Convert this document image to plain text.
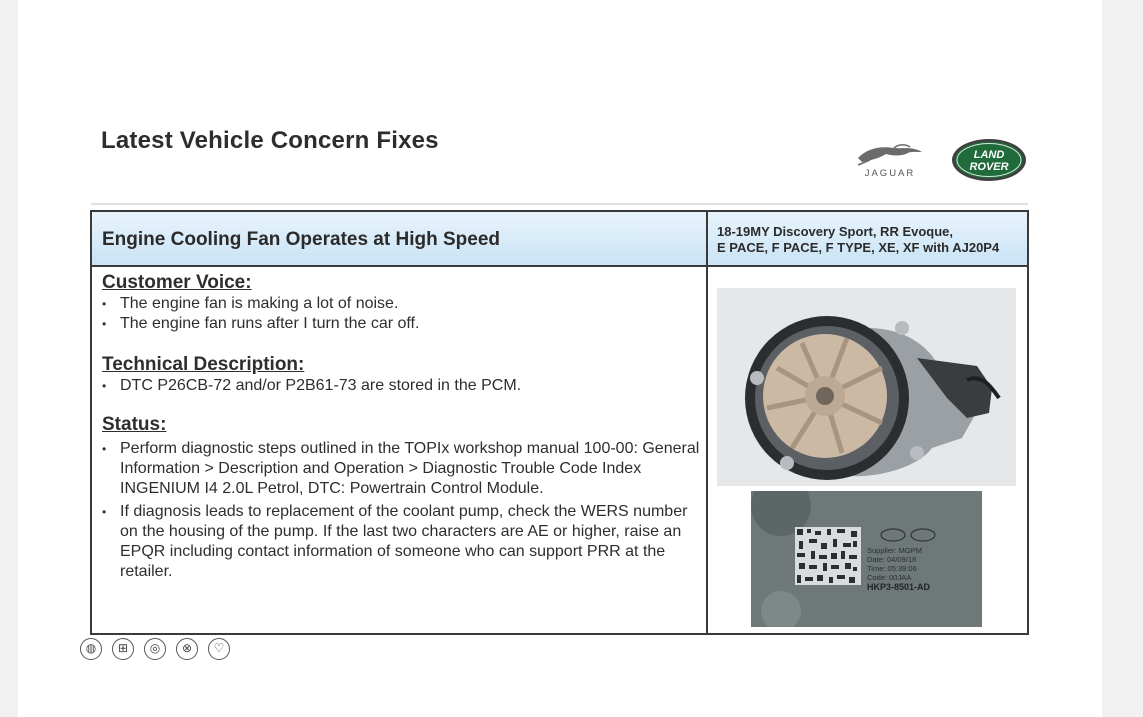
Latest Vehicle Concern Fixes
JAGUAR
LAND
ROVER
Engine Cooling Fan Operates at High Speed	18-19MY Discovery Sport, RR Evoque,
E PACE, F PACE, F TYPE, XE, XF with AJ20P4

Customer Voice:

• The engine fan is making a lot of noise.

• The engine fan runs after I turn the car off.

Technical Description:

• DTC P26CB-72 and/or P2B61-73 are stored in the PCM.

Status:

• Perform diagnostic steps outlined in the TOPIx workshop manual 100-00: General Information > Description and Operation > Diagnostic Trouble Code Index INGENIUM I4 2.0L Petrol, DTC: Powertrain Control Module.

• If diagnosis leads to replacement of the coolant pump, check the WERS number on the housing of the pump. If the last two characters are AE or higher, raise an EPQR including contact information of someone who can support PRR at the retailer.

Supplier: MGPM
Date: 04/09/18
Time: 05:39:06
Code: 00JAA
HKP3-8501-AD
◍	⊞	◎	⊗	♡
